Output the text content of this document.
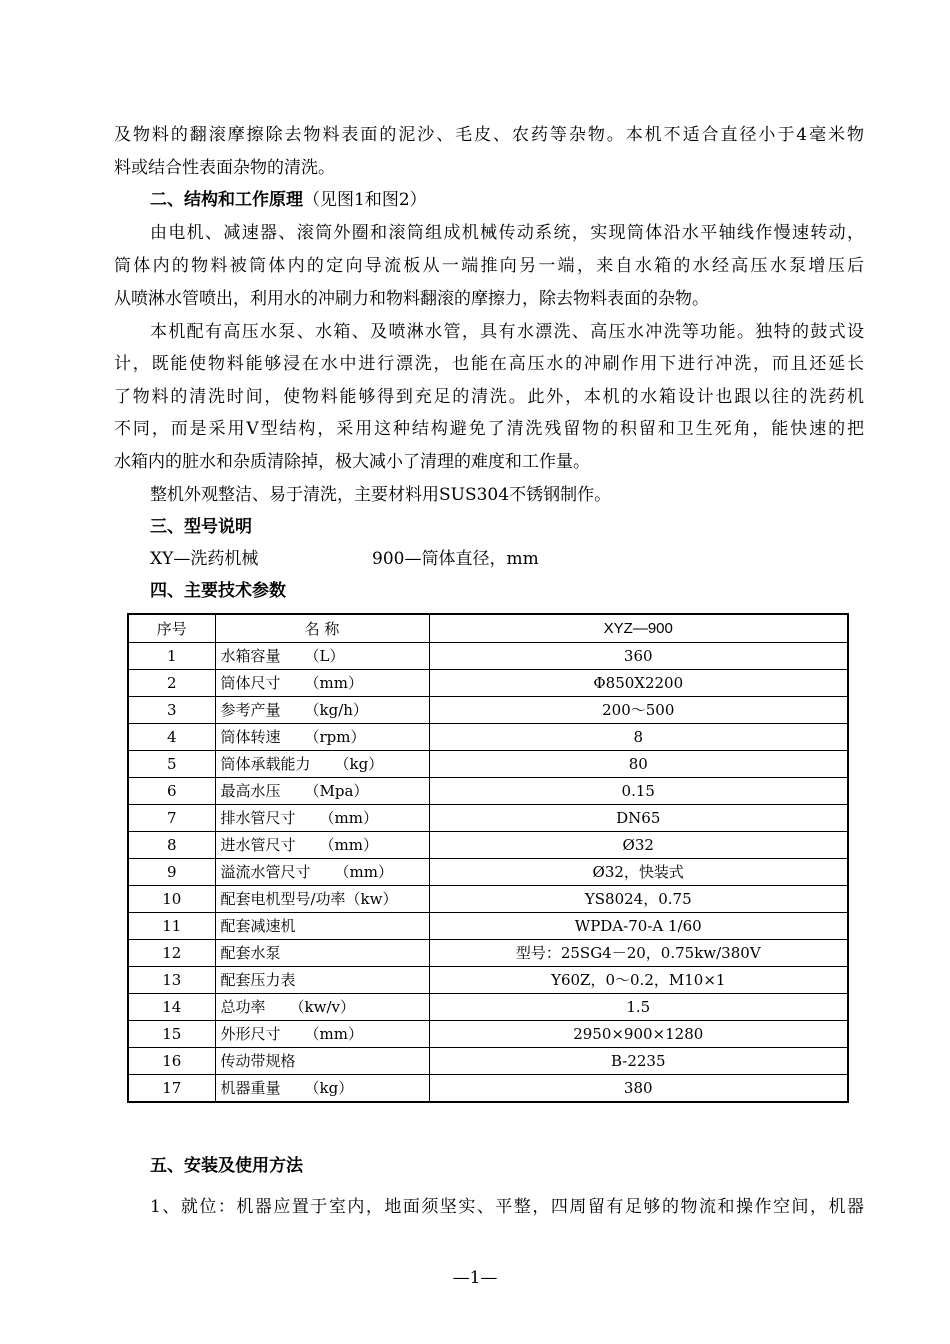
及物料的翻滚摩擦除去物料表面的泥沙、毛皮、农药等杂物。本机不适合直径小于4毫米物
料或结合性表面杂物的清洗。
二、结构和工作原理（见图1和图2）
由电机、减速器、滚筒外圈和滚筒组成机械传动系统，实现筒体沿水平轴线作慢速转动，
筒体内的物料被筒体内的定向导流板从一端推向另一端，来自水箱的水经高压水泵增压后
从喷淋水管喷出，利用水的冲刷力和物料翻滚的摩擦力，除去物料表面的杂物。
本机配有高压水泵、水箱、及喷淋水管，具有水漂洗、高压水冲洗等功能。独特的鼓式设
计，既能使物料能够浸在水中进行漂洗，也能在高压水的冲刷作用下进行冲洗，而且还延长
了物料的清洗时间，使物料能够得到充足的清洗。此外，本机的水箱设计也跟以往的洗药机
不同，而是采用V型结构，采用这种结构避免了清洗残留物的积留和卫生死角，能快速的把
水箱内的脏水和杂质清除掉，极大减小了清理的难度和工作量。
整机外观整洁、易于清洗，主要材料用SUS304不锈钢制作。
三、型号说明
XY—洗药机械	900—筒体直径，mm
四、主要技术参数
序号	名 称	XYZ—900
1	水箱容量 （L）	360
2	筒体尺寸 （mm）	Φ850X2200
3	参考产量 （kg/h）	200～500
4	筒体转速 （rpm）	8
5	筒体承载能力 （kg）	80
6	最高水压 （Mpa）	0.15
7	排水管尺寸 （mm）	DN65
8	进水管尺寸 （mm）	Ø32
9	溢流水管尺寸 （mm）	Ø32，快装式
10	配套电机型号/功率（kw）	YS8024，0.75
11	配套减速机	WPDA-70-A 1/60
12	配套水泵	型号：25SG4－20，0.75kw/380V
13	配套压力表	Y60Z，0～0.2，M10×1
14	总功率 （kw/v）	1.5
15	外形尺寸 （mm）	2950×900×1280
16	传动带规格	B-2235
17	机器重量 （kg）	380
五、安装及使用方法
1、就位：机器应置于室内，地面须坚实、平整，四周留有足够的物流和操作空间，机器
—1—
